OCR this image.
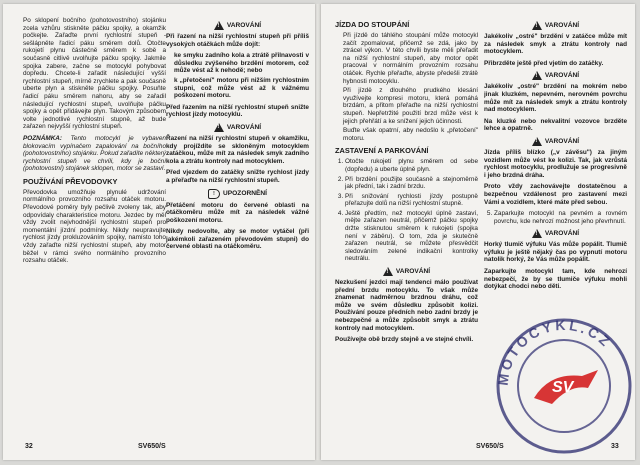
Po sklopení bočního (pohotovostního) stojánku zcela vzhůru stiskněte páčku spojky, a okamžik počkejte. Zařaďte první rychlostní stupeň - sešlápněte řadicí páku směrem dolů. Otočte rukojetí plynu částečně směrem k sobě a současně citlivě uvolňujte páčku spojky. Jakmile spojka zabere, začne se motocykl pohybovat dopředu. Chcete-li zařadit následující vyšší rychlostní stupeň, mírně zrychlete a pak současně uberte plyn a stiskněte páčku spojky. Posuňte řadicí páku směrem nahoru, aby se zařadil následující rychlostní stupeň, uvolňujte páčku spojky a opět přidávejte plyn. Takovým způsobem volte jednotlivé rychlostní stupně, až bude zařazen nejvyšší rychlostní stupeň.

POZNÁMKA: Tento motocykl je vybaven blokovacím vypínačem zapalování na bočního (pohotovostního) stojánku. Pokud zařadíte některý rychlostní stupeň ve chvíli, kdy je boční (pohotovostní) stojánek sklopen, motor se zastaví.

POUŽÍVÁNÍ PŘEVODOVKY

Převodovka umožňuje plynulé udržování normálního provozního rozsahu otáček motoru. Převodové poměry byly pečlivě zvoleny tak, aby odpovídaly charakteristice motoru. Jezdec by měl vždy zvolit nejvhodnější rychlostní stupeň pro momentální jízdní podmínky. Nikdy neupravujte rychlost jízdy prokluzováním spojky, namísto toho vždy zařaďte nižší rychlostní stupeň, aby motor běžel v rámci svého normálního provozního rozsahu otáček.

!
VAROVÁNÍ

Při řazení na nižší rychlostní stupeň při příliš vysokých otáčkách může dojít:

• ke smyku zadního kola a ztrátě přilnavosti v důsledku zvýšeného brzdění motorem, což může vést až k nehodě; nebo
• k „přetočení" motoru při nižším rychlostním stupni, což může vést až k vážnému poškození motoru.

Před řazením na nižší rychlostní stupeň snižte rychlost jízdy motocyklu.

!
VAROVÁNÍ

Řazení na nižší rychlostní stupeň v okamžiku, kdy projíždíte se skloněným motocyklem zatáčkou, může mít za následek smyk zadního kola a ztrátu kontroly nad motocyklem.

Před vjezdem do zatáčky snižte rychlost jízdy a přeřaďte na nižší rychlostní stupeň.

!	UPOZORNĚNÍ

Přetáčení motoru do červené oblasti na otáčkoměru může mít za následek vážné poškození motoru.

Nikdy nedovolte, aby se motor vytáčel (při jakémkoli zařazeném převodovém stupni) do červené oblasti na otáčkoměru.

32	SV650/S
JÍZDA DO STOUPÁNÍ
• Při jízdě do táhlého stoupání může motocykl začít zpomalovat, přičemž se zdá, jako by ztrácel výkon. V této chvíli byste měli přeřadit na nižší rychlostní stupeň, aby motor opět pracoval v normálním provozním rozsahu otáček. Rychle přeřaďte, abyste předešli ztrátě hybnosti motocyklu.
• Při jízdě z dlouhého prudkého klesání využívejte kompresi motoru, která pomáhá brzdám, a přitom přeřaďte na nižší rychlostní stupeň. Nepřetržité použití brzd může vést k jejich přehřátí a ke snížení jejich účinnosti.
• Buďte však opatrní, aby nedošlo k „přetočení" motoru.
ZASTAVENÍ A PARKOVÁNÍ
1. Otočte rukojetí plynu směrem od sebe (dopředu) a uberte úplně plyn.
2. Při brzdění použijte současně a stejnoměrně jak přední, tak i zadní brzdu.
3. Při snižování rychlosti jízdy postupně přeřazujte dolů na nižší rychlostní stupně.
4. Ještě předtím, než motocykl úplně zastaví, mějte zařazen neutrál, přičemž páčku spojky držte stisknutou směrem k rukojeti (spojka není v záběru). O tom, zda je skutečně zařazen neutrál, se můžete přesvědčit sledováním zelené indikační kontrolky neutrálu.
!
VAROVÁNÍ

Nezkušení jezdci mají tendenci málo používat přední brzdu motocyklu. To však může znamenat nadměrnou brzdnou dráhu, což může ve svém důsledku způsobit kolizi. Používání pouze předních nebo zadní brzdy je nebezpečné a může způsobit smyk a ztrátu kontroly nad motocyklem.

Používejte obě brzdy stejně a ve stejné chvíli.

!
VAROVÁNÍ

Jakékoliv „ostré" brzdění v zatáčce může mít za následek smyk a ztrátu kontroly nad motocyklem.

Přibrzděte ještě před vjetím do zatáčky.

!
VAROVÁNÍ

Jakékoliv „ostré" brzdění na mokrém nebo jinak kluzkém, nepevném, nerovném povrchu může mít za následek smyk a ztrátu kontroly nad motocyklem.

Na kluzké nebo nekvalitní vozovce brzděte lehce a opatrně.

!
VAROVÁNÍ

Jízda příliš blízko („v závěsu") za jiným vozidlem může vést ke kolizi. Tak, jak vzrůstá rychlost motocyklu, prodlužuje se progresivně i jeho brzdná dráha.

Proto vždy zachovávejte dostatečnou a bezpečnou vzdálenost pro zastavení mezi Vámi a vozidlem, které máte před sebou.

5. Zaparkujte motocykl na pevném a rovném povrchu, kde nehrozí možnost jeho převrhnutí.
!
VAROVÁNÍ

Horký tlumič výfuku Vás může popálit. Tlumič výfuku je ještě nějaký čas po vypnutí motoru natolik horký, že Vás může popálit.

Zaparkujte motocykl tam, kde nehrozí nebezpečí, že by se tlumiče výfuku mohli dotýkat chodci nebo děti.

SV650/S	33
MOTOCYKL.CZ
SV
